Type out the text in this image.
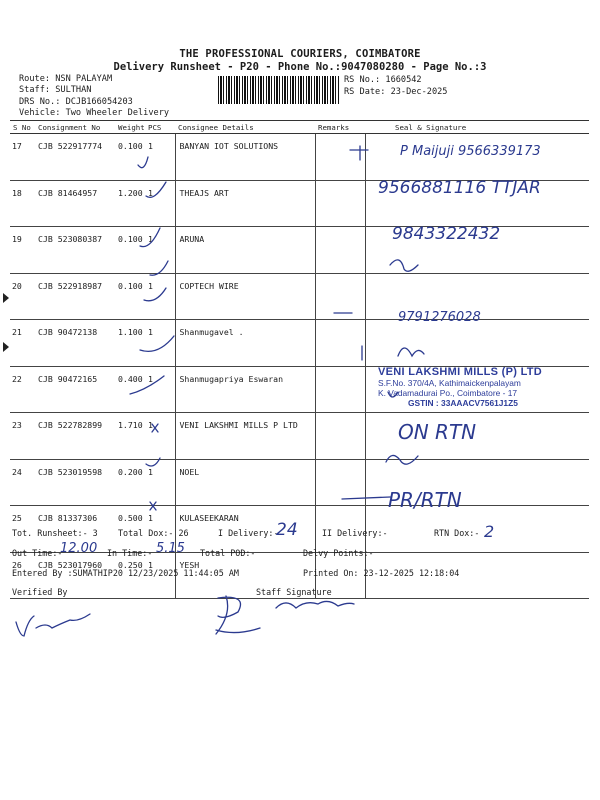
THE PROFESSIONAL COURIERS, COIMBATORE
Delivery Runsheet - P20 - Phone No.:9047080280 - Page No.:3
Route: NSN PALAYAM
Staff: SULTHAN
DRS No.: DCJB166054203
Vehicle: Two Wheeler Delivery
RS No.: 1660542
RS Date: 23-Dec-2025
S No	Consignment No	Weight	PCS	Consignee Details	Remarks	Seal & Signature
17	CJB 522917774	0.100	1	BANYAN IOT SOLUTIONS		
18	CJB 81464957	1.200	1	THEAJS ART		
19	CJB 523080387	0.100	1	ARUNA		
20	CJB 522918987	0.100	1	COPTECH WIRE		
21	CJB 90472138	1.100	1	Shanmugavel .		
22	CJB 90472165	0.400	1	Shanmugapriya Eswaran		
23	CJB 522782899	1.710	1	VENI LAKSHMI MILLS P LTD		
24	CJB 523019598	0.200	1	NOEL		
25	CJB 81337306	0.500	1	KULASEEKARAN		
26	CJB 523017960	0.250	1	YESH		
P Maijuji 9566339173
9566881116 TTJAR
9843322432
9791276028
ON RTN
PR/RTN
VENI LAKSHMI MILLS (P) LTD
S.F.No. 370/4A, Kathimaickenpalayam
K. Vadamadurai Po., Coimbatore - 17
GSTIN : 33AAACV7561J1Z5
Tot. Runsheet:- 3 Total Dox:- 26	I Delivery:-
24	II Delivery:-	RTN Dox:- 2
Out Time:-
12.00 In Time:- 5.15 Total POD:-	Delvy Points:-
Entered By :SUMATHIP20 12/23/2025 11:44:05 AM	Printed On: 23-12-2025 12:18:04
Verified By	Staff Signature
